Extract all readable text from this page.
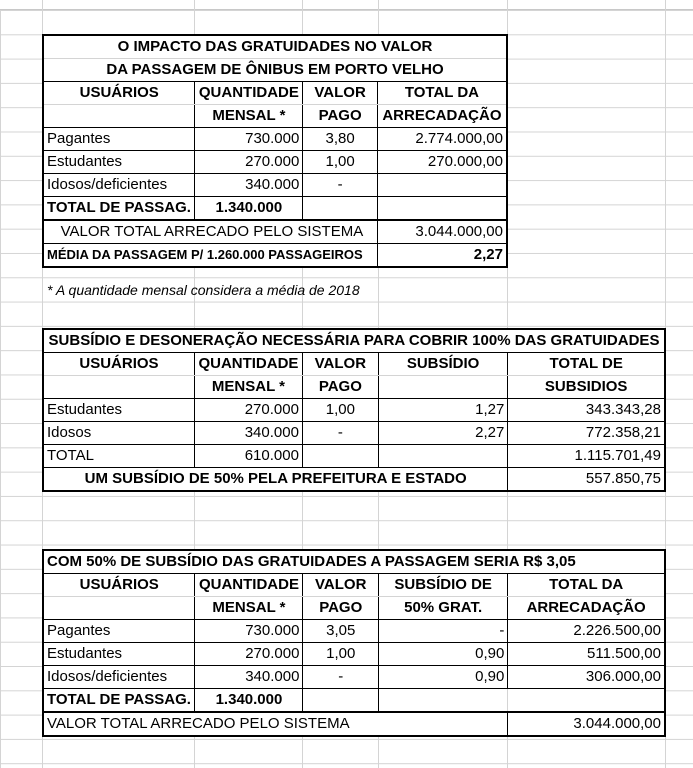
O IMPACTO DAS GRATUIDADES NO VALOR			
DA PASSAGEM DE ÔNIBUS EM PORTO VELHO			
USUÁRIOS	QUANTIDADE	VALOR	TOTAL DA
	MENSAL *	PAGO	ARRECADAÇÃO
Pagantes	730.000	3,80	2.774.000,00
Estudantes	270.000	1,00	270.000,00
Idosos/deficientes	340.000	-	
TOTAL DE PASSAG.	1.340.000		
VALOR TOTAL ARRECADO PELO SISTEMA			3.044.000,00
MÉDIA DA PASSAGEM P/ 1.260.000 PASSAGEIROS			2,27
* A quantidade mensal considera a média de 2018
SUBSÍDIO E DESONERAÇÃO NECESSÁRIA PARA COBRIR 100% DAS GRATUIDADES				
USUÁRIOS	QUANTIDADE	VALOR	SUBSÍDIO	TOTAL DE
	MENSAL *	PAGO		SUBSIDIOS
Estudantes	270.000	1,00	1,27	343.343,28
Idosos	340.000	-	2,27	772.358,21
TOTAL	610.000			1.115.701,49
UM SUBSÍDIO DE 50% PELA PREFEITURA E ESTADO				557.850,75
COM 50% DE SUBSÍDIO DAS GRATUIDADES A PASSAGEM SERIA R$ 3,05				
USUÁRIOS	QUANTIDADE	VALOR	SUBSÍDIO DE	TOTAL DA
	MENSAL *	PAGO	50% GRAT.	ARRECADAÇÃO
Pagantes	730.000	3,05	-	2.226.500,00
Estudantes	270.000	1,00	0,90	511.500,00
Idosos/deficientes	340.000	-	0,90	306.000,00
TOTAL DE PASSAG.	1.340.000			
VALOR TOTAL ARRECADO PELO SISTEMA				3.044.000,00
